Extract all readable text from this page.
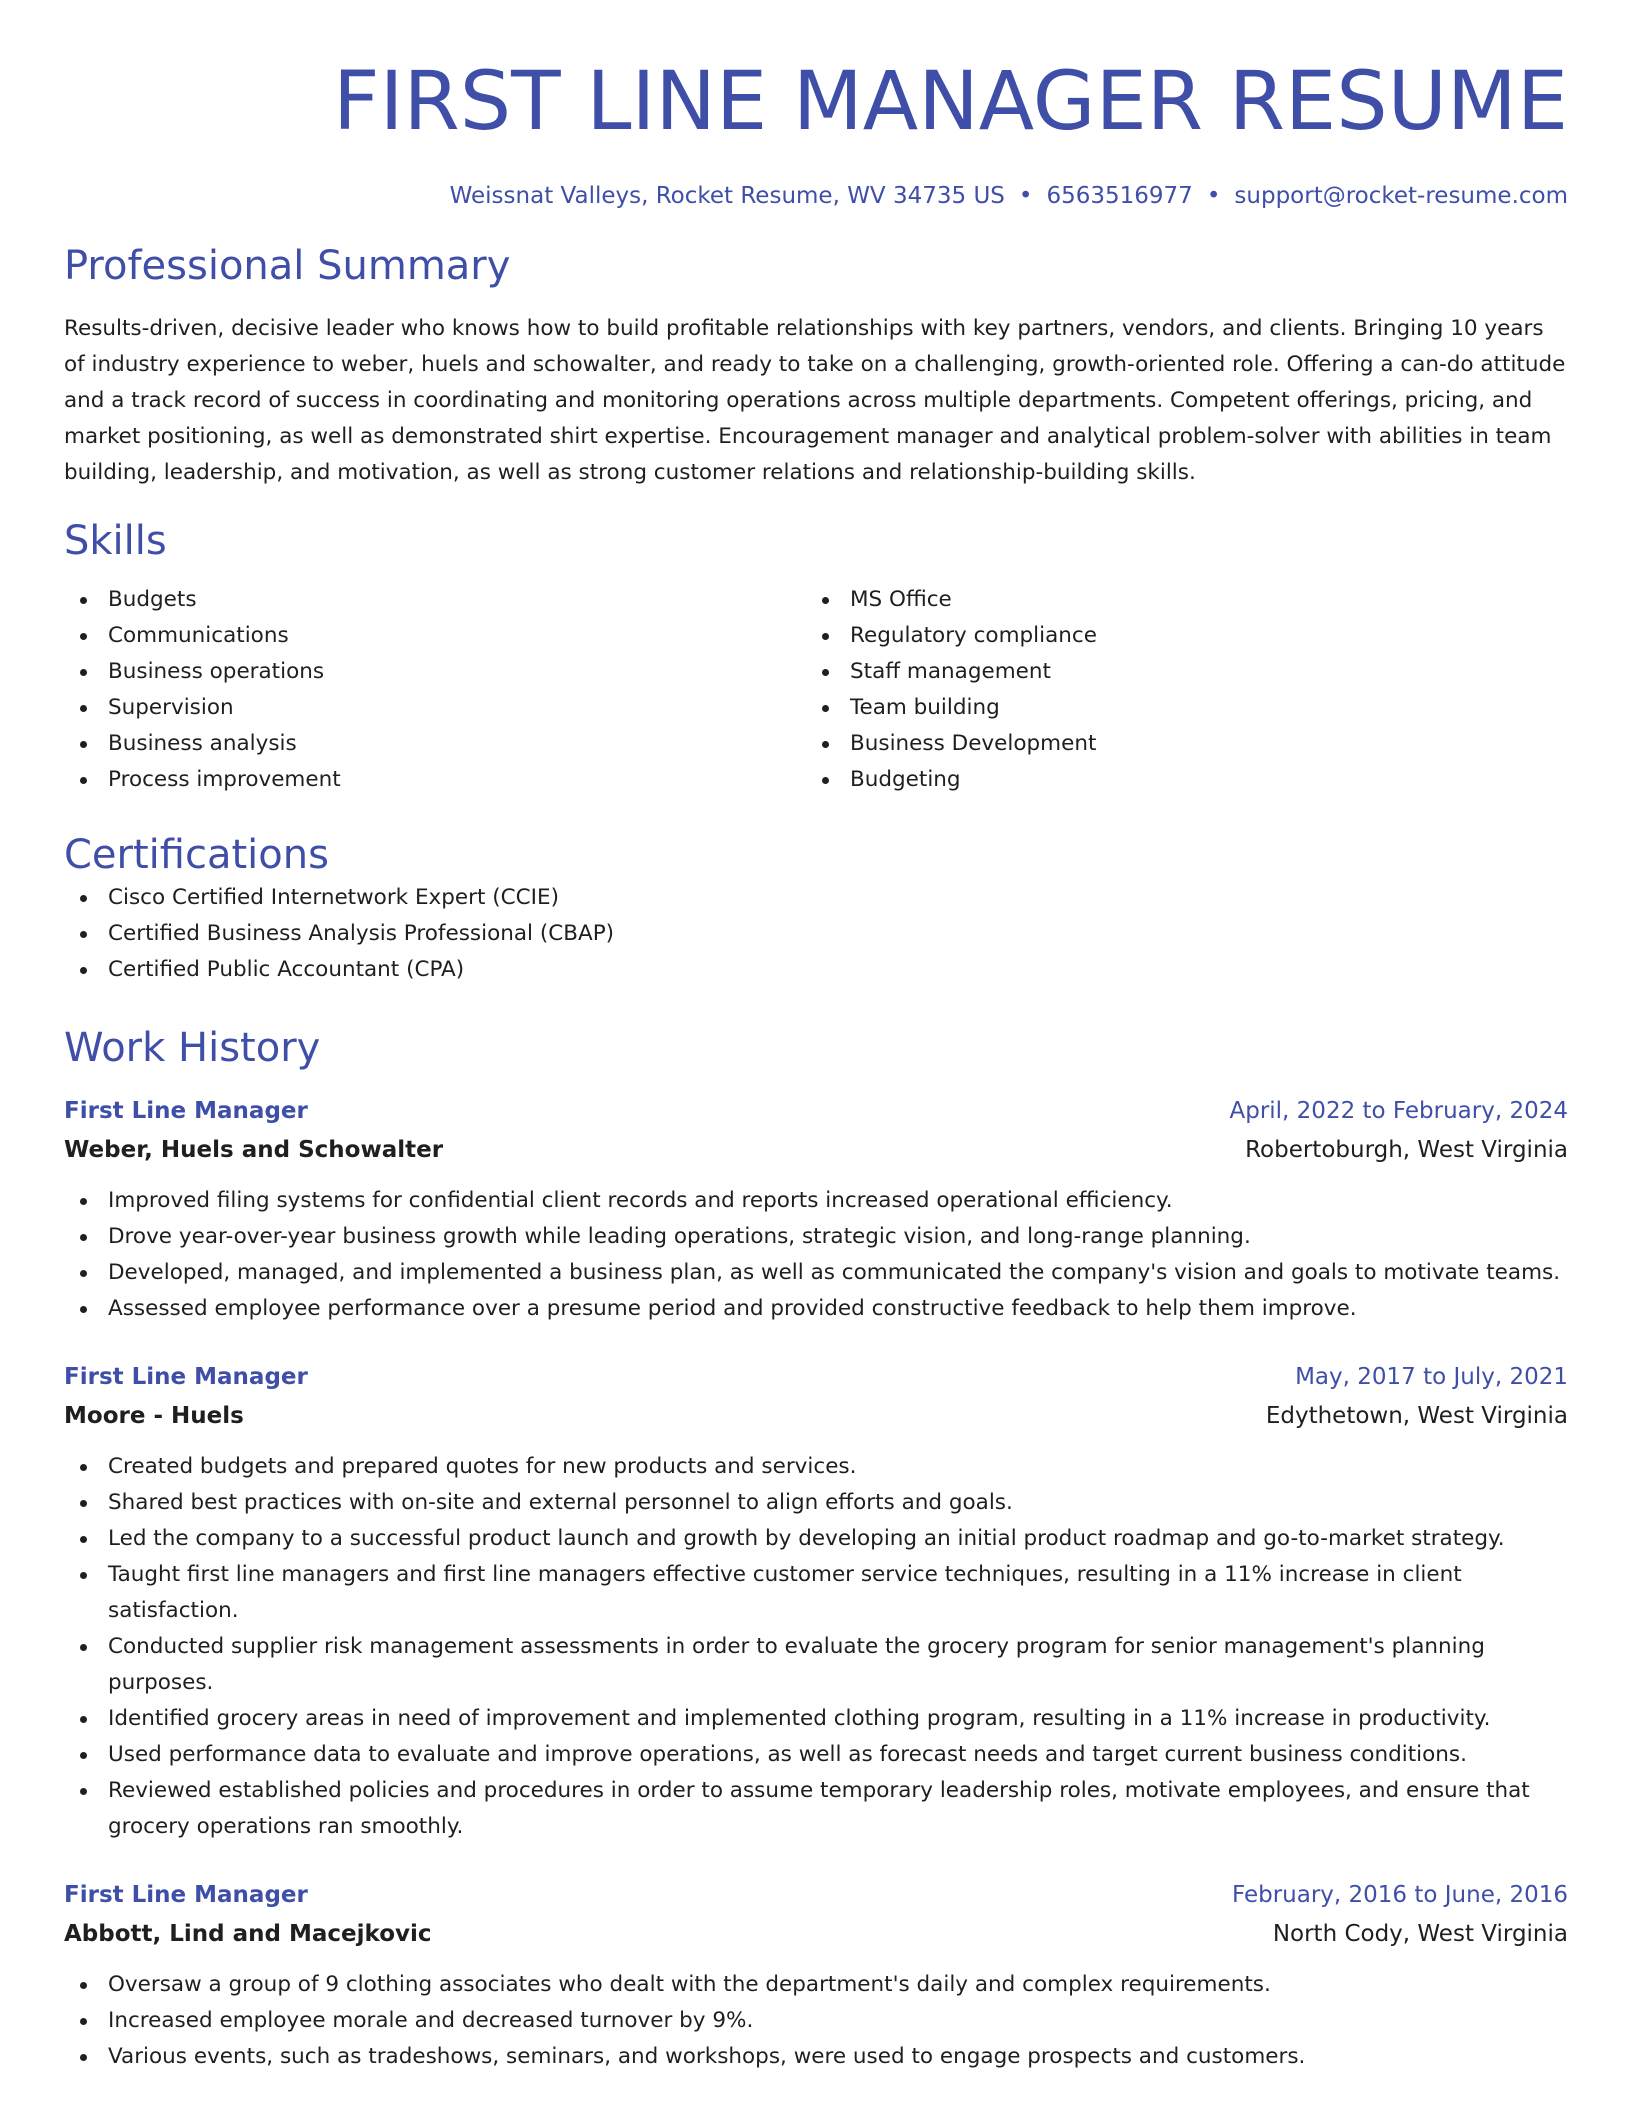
FIRST LINE MANAGER RESUME
Weissnat Valleys, Rocket Resume, WV 34735 US • 6563516977 • support@rocket-resume.com
Professional Summary

Results-driven, decisive leader who knows how to build profitable relationships with key partners, vendors, and clients. Bringing 10 years of industry experience to weber, huels and schowalter, and ready to take on a challenging, growth-oriented role. Offering a can-do attitude and a track record of success in coordinating and monitoring operations across multiple departments. Competent offerings, pricing, and market positioning, as well as demonstrated shirt expertise. Encouragement manager and analytical problem-solver with abilities in team building, leadership, and motivation, as well as strong customer relations and relationship-building skills.

Skills
Budgets
Communications
Business operations
Supervision
Business analysis
Process improvement
MS Office
Regulatory compliance
Staff management
Team building
Business Development
Budgeting
Certifications
Cisco Certified Internetwork Expert (CCIE)
Certified Business Analysis Professional (CBAP)
Certified Public Accountant (CPA)
Work History
First Line Manager	April, 2022 to February, 2024
Weber, Huels and Schowalter	Robertoburgh, West Virginia
Improved filing systems for confidential client records and reports increased operational efficiency.
Drove year-over-year business growth while leading operations, strategic vision, and long-range planning.
Developed, managed, and implemented a business plan, as well as communicated the company's vision and goals to motivate teams.
Assessed employee performance over a presume period and provided constructive feedback to help them improve.
First Line Manager	May, 2017 to July, 2021
Moore - Huels	Edythetown, West Virginia
Created budgets and prepared quotes for new products and services.
Shared best practices with on-site and external personnel to align efforts and goals.
Led the company to a successful product launch and growth by developing an initial product roadmap and go-to-market strategy.
Taught first line managers and first line managers effective customer service techniques, resulting in a 11% increase in client satisfaction.
Conducted supplier risk management assessments in order to evaluate the grocery program for senior management's planning purposes.
Identified grocery areas in need of improvement and implemented clothing program, resulting in a 11% increase in productivity.
Used performance data to evaluate and improve operations, as well as forecast needs and target current business conditions.
Reviewed established policies and procedures in order to assume temporary leadership roles, motivate employees, and ensure that grocery operations ran smoothly.
First Line Manager	February, 2016 to June, 2016
Abbott, Lind and Macejkovic	North Cody, West Virginia
Oversaw a group of 9 clothing associates who dealt with the department's daily and complex requirements.
Increased employee morale and decreased turnover by 9%.
Various events, such as tradeshows, seminars, and workshops, were used to engage prospects and customers.
